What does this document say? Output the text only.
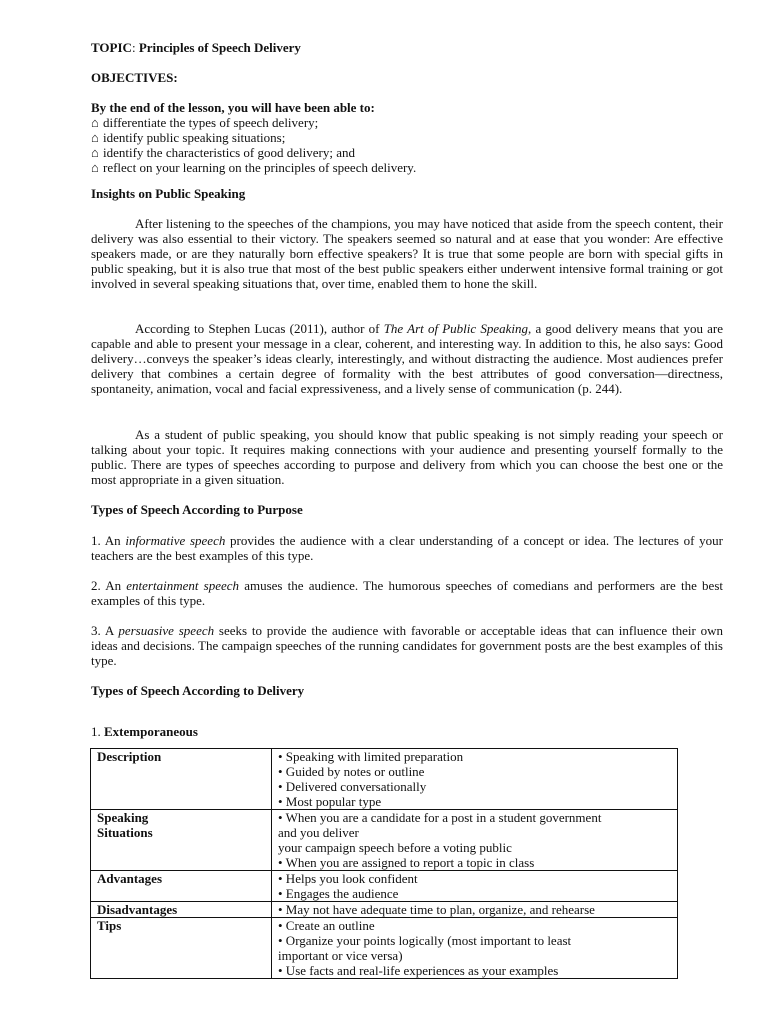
TOPIC: Principles of Speech Delivery
OBJECTIVES:
By the end of the lesson, you will have been able to:
⌂ differentiate the types of speech delivery;
⌂ identify public speaking situations;
⌂ identify the characteristics of good delivery; and
⌂ reflect on your learning on the principles of speech delivery.
Insights on Public Speaking

After listening to the speeches of the champions, you may have noticed that aside from the speech content, their delivery was also essential to their victory. The speakers seemed so natural and at ease that you wonder: Are effective speakers made, or are they naturally born effective speakers? It is true that some people are born with special gifts in public speaking, but it is also true that most of the best public speakers either underwent intensive formal training or got involved in several speaking situations that, over time, enabled them to hone the skill.

According to Stephen Lucas (2011), author of The Art of Public Speaking, a good delivery means that you are capable and able to present your message in a clear, coherent, and interesting way. In addition to this, he also says: Good delivery…conveys the speaker’s ideas clearly, interestingly, and without distracting the audience. Most audiences prefer delivery that combines a certain degree of formality with the best attributes of good conversation—directness, spontaneity, animation, vocal and facial expressiveness, and a lively sense of communication (p. 244).

As a student of public speaking, you should know that public speaking is not simply reading your speech or talking about your topic. It requires making connections with your audience and presenting yourself formally to the public. There are types of speeches according to purpose and delivery from which you can choose the best one or the most appropriate in a given situation.

Types of Speech According to Purpose

1. An informative speech provides the audience with a clear understanding of a concept or idea. The lectures of your teachers are the best examples of this type.

2. An entertainment speech amuses the audience. The humorous speeches of comedians and performers are the best examples of this type.

3. A persuasive speech seeks to provide the audience with favorable or acceptable ideas that can influence their own ideas and decisions. The campaign speeches of the running candidates for government posts are the best examples of this type.

Types of Speech According to Delivery
1. Extemporaneous
Description	• Speaking with limited preparation
• Guided by notes or outline
• Delivered conversationally
• Most popular type

Speaking
Situations	• When you are a candidate for a post in a student government
and you deliver
your campaign speech before a voting public
• When you are assigned to report a topic in class

Advantages	• Helps you look confident
• Engages the audience

Disadvantages	• May not have adequate time to plan, organize, and rehearse

Tips	• Create an outline
• Organize your points logically (most important to least
important or vice versa)
• Use facts and real-life experiences as your examples
